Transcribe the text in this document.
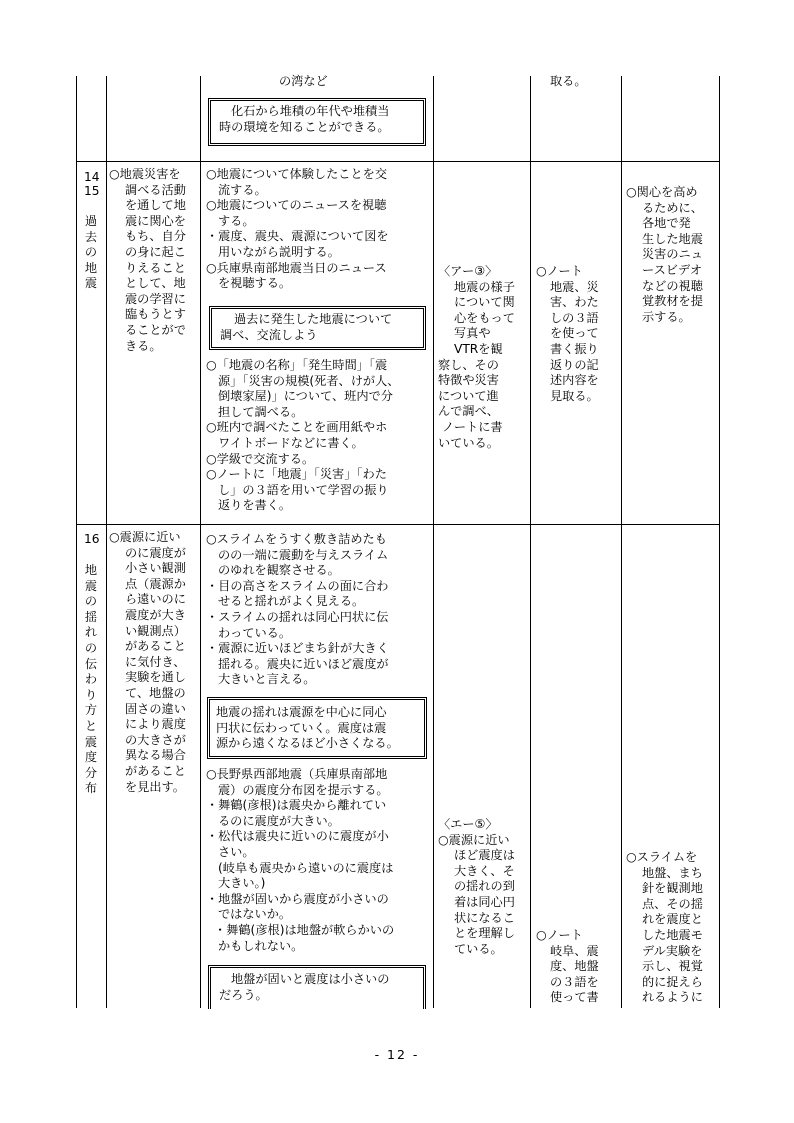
の湾など
化石から堆積の年代や堆積当
時の環境を知ることができる。
取る。
14
15
過
去
の
地
震
○地震災害を
調べる活動
を通して地
震に関心を
もち、自分
の身に起こ
りえること
として、地
震の学習に
臨もうとす
ることがで
きる。
○地震について体験したことを交
流する。
○地震についてのニュースを視聴
する。
・震度、震央、震源について図を
用いながら説明する。
○兵庫県南部地震当日のニュース
を視聴する。
過去に発生した地震について
調べ、交流しよう
○「地震の名称」「発生時間」「震
源」「災害の規模(死者、けが人、
倒壊家屋)」について、班内で分
担して調べる。
○班内で調べたことを画用紙やホ
ワイトボードなどに書く。
○学級で交流する。
○ノートに「地震」「災害」「わた
し」の３語を用いて学習の振り
返りを書く。
〈アー③〉
地震の様子
について関
心をもって
写真や
VTRを観
察し、その
特徴や災害
について進
んで調べ、
ノートに書
いている。
○ノート
地震、災
害、わた
しの３語
を使って
書く振り
返りの記
述内容を
見取る。
○関心を高め
るために、
各地で発
生した地震
災害のニュ
ースビデオ
などの視聴
覚教材を提
示する。
16
地
震
の
揺
れ
の
伝
わ
り
方
と
震
度
分
布
○震源に近い
のに震度が
小さい観測
点（震源か
ら遠いのに
震度が大き
い観測点）
があること
に気付き、
実験を通し
て、地盤の
固さの違い
により震度
の大きさが
異なる場合
があること
を見出す。
○スライムをうすく敷き詰めたも
のの一端に震動を与えスライム
のゆれを観察させる。
・目の高さをスライムの面に合わ
せると揺れがよく見える。
・スライムの揺れは同心円状に伝
わっている。
・震源に近いほどまち針が大きく
揺れる。震央に近いほど震度が
大きいと言える。
地震の揺れは震源を中心に同心
円状に伝わっていく。震度は震
源から遠くなるほど小さくなる。
○長野県西部地震（兵庫県南部地
震）の震度分布図を提示する。
・舞鶴(彦根)は震央から離れてい
るのに震度が大きい。
・松代は震央に近いのに震度が小
さい。
(岐阜も震央から遠いのに震度は
大きい。)
・地盤が固いから震度が小さいの
ではないか。
・舞鶴(彦根)は地盤が軟らかいの
かもしれない。
地盤が固いと震度は小さいの
だろう。
〈エー⑤〉
○震源に近い
ほど震度は
大きく、そ
の揺れの到
着は同心円
状になるこ
とを理解し
ている。
○ノート
岐阜、震
度、地盤
の３語を
使って書
○スライムを
地盤、まち
針を観測地
点、その揺
れを震度と
した地震モ
デル実験を
示し、視覚
的に捉えら
れるように
- 12 -
